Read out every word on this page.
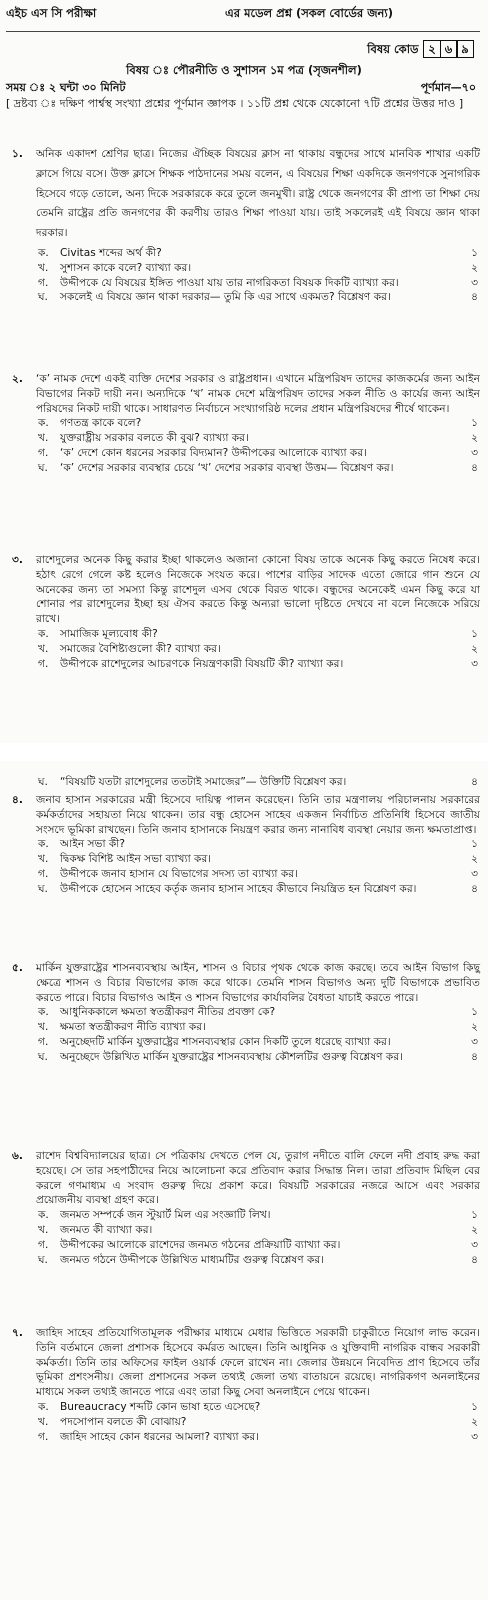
এইচ এস সি পরীক্ষা	এর মডেল প্রশ্ন (সকল বোর্ডের জন্য)
বিষয় কোড ২ ৬ ৯
বিষয় ঃ পৌরনীতি ও সুশাসন ১ম পত্র (সৃজনশীল)
সময় ঃ ২ ঘন্টা ৩০ মিনিট	পূর্ণমান—৭০
[ দ্রষ্টব্য ঃ দক্ষিণ পার্শ্বস্থ সংখ্যা প্রশ্নের পূর্ণমান জ্ঞাপক । ১১টি প্রশ্ন থেকে যেকোনো ৭টি প্রশ্নের উত্তর দাও ]
১. অনিক একাদশ শ্রেণির ছাত্র। নিজের ঐচ্ছিক বিষয়ের ক্লাস না থাকায় বন্ধুদের সাথে মানবিক শাখার একটি ক্লাসে গিয়ে বসে। উক্ত ক্লাসে শিক্ষক পাঠদানের সময় বলেন, এ বিষয়ের শিক্ষা একদিকে জনগণকে সুনাগরিক হিসেবে গড়ে তোলে, অন্য দিকে সরকারকে করে তুলে জনমুখী। রাষ্ট্র থেকে জনগণের কী প্রাপ্য তা শিক্ষা দেয় তেমনি রাষ্ট্রের প্রতি জনগণের কী করণীয় তারও শিক্ষা পাওয়া যায়। তাই সকলেরই এই বিষয়ে জ্ঞান থাকা দরকার।
ক. Civitas শব্দের অর্থ কী?	১
খ. সুশাসন কাকে বলে? ব্যাখ্যা কর।	২
গ. উদ্দীপকে যে বিষয়ের ইঙ্গিত পাওয়া যায় তার নাগরিকতা বিষয়ক দিকটি ব্যাখ্যা কর।	৩
ঘ. সকলেই এ বিষয়ে জ্ঞান থাকা দরকার— তুমি কি এর সাথে একমত? বিশ্লেষণ কর।	৪
২. ‘ক’ নামক দেশে একই ব্যক্তি দেশের সরকার ও রাষ্ট্রপ্রধান। এখানে মন্ত্রিপরিষদ তাদের কাজকর্মের জন্য আইন বিভাগের নিকট দায়ী নন। অন্যদিকে ‘খ’ নামক দেশে মন্ত্রিপরিষদ তাদের সকল নীতি ও কার্যের জন্য আইন পরিষদের নিকট দায়ী থাকে। সাধারণত নির্বাচনে সংখ্যাগরিষ্ঠ দলের প্রধান মন্ত্রিপরিষদের শীর্ষে থাকেন।
ক. গণতন্ত্র কাকে বলে?	১
খ. যুক্তরাষ্ট্রীয় সরকার বলতে কী বুঝ? ব্যাখ্যা কর।	২
গ. ‘ক’ দেশে কোন ধরনের সরকার বিদ্যমান? উদ্দীপকের আলোকে ব্যাখ্যা কর।	৩
ঘ. ‘ক’ দেশের সরকার ব্যবস্থার চেয়ে ‘খ’ দেশের সরকার ব্যবস্থা উত্তম— বিশ্লেষণ কর।	৪
৩. রাশেদুলের অনেক কিছু করার ইচ্ছা থাকলেও অজানা কোনো বিষয় তাকে অনেক কিছু করতে নিষেধ করে। হঠাৎ রেগে গেলে কষ্ট হলেও নিজেকে সংযত করে। পাশের বাড়ির সাদেক এতো জোরে গান শুনে যে অনেকের জন্য তা সমস্যা কিন্তু রাশেদুল এসব থেকে বিরত থাকে। বন্ধুদের অনেকেই এমন কিছু করে যা শোনার পর রাশেদুলের ইচ্ছা হয় ঐসব করতে কিন্তু অন্যরা ভালো দৃষ্টিতে দেখবে না বলে নিজেকে সরিয়ে রাখে।
ক. সামাজিক মূল্যবোধ কী?	১
খ. সমাজের বৈশিষ্ট্যগুলো কী? ব্যাখ্যা কর।	২
গ. উদ্দীপকে রাশেদুলের আচরণকে নিয়ন্ত্রণকারী বিষয়টি কী? ব্যাখ্যা কর।	৩
ঘ. “বিষয়টি যতটা রাশেদুলের ততটাই সমাজের”— উক্তিটি বিশ্লেষণ কর।	৪
৪. জনাব হাসান সরকারের মন্ত্রী হিসেবে দায়িত্ব পালন করেছেন। তিনি তার মন্ত্রণালয় পরিচালনায় সরকারের কর্মকর্তাদের সহায়তা নিয়ে থাকেন। তার বন্ধু হোসেন সাহেব একজন নির্বাচিত প্রতিনিধি হিসেবে জাতীয় সংসদে ভূমিকা রাখছেন। তিনি জনাব হাসানকে নিয়ন্ত্রণ করার জন্য নানাবিধ ব্যবস্থা নেয়ার জন্য ক্ষমতাপ্রাপ্ত।
ক. আইন সভা কী?	১
খ. দ্বিকক্ষ বিশিষ্ট আইন সভা ব্যাখ্যা কর।	২
গ. উদ্দীপকে জনাব হাসান যে বিভাগের সদস্য তা ব্যাখ্যা কর।	৩
ঘ. উদ্দীপকে হোসেন সাহেব কর্তৃক জনাব হাসান সাহেব কীভাবে নিয়ন্ত্রিত হন বিশ্লেষণ কর।	৪
৫. মার্কিন যুক্তরাষ্ট্রের শাসনব্যবস্থায় আইন, শাসন ও বিচার পৃথক থেকে কাজ করছে। তবে আইন বিভাগ কিছু ক্ষেত্রে শাসন ও বিচার বিভাগের কাজ করে থাকে। তেমনি শাসন বিভাগও অন্য দুটি বিভাগকে প্রভাবিত করতে পারে। বিচার বিভাগও আইন ও শাসন বিভাগের কার্যাবলির বৈধতা যাচাই করতে পারে।
ক. আধুনিককালে ক্ষমতা স্বতন্ত্রীকরণ নীতির প্রবক্তা কে?	১
খ. ক্ষমতা স্বতন্ত্রীকরণ নীতি ব্যাখ্যা কর।	২
গ. অনুচ্ছেদটি মার্কিন যুক্তরাষ্ট্রের শাসনব্যবস্থার কোন দিকটি তুলে ধরেছে ব্যাখ্যা কর।	৩
ঘ. অনুচ্ছেদে উল্লিখিত মার্কিন যুক্তরাষ্ট্রের শাসনব্যবস্থায় কৌশলটির গুরুত্ব বিশ্লেষণ কর।	৪
৬. রাশেদ বিশ্ববিদ্যালয়ের ছাত্র। সে পত্রিকায় দেখতে পেল যে, তুরাগ নদীতে বালি ফেলে নদী প্রবাহ রুদ্ধ করা হয়েছে। সে তার সহপাঠীদের নিয়ে আলোচনা করে প্রতিবাদ করার সিদ্ধান্ত নিল। তারা প্রতিবাদ মিছিল বের করলে গণমাধ্যম এ সংবাদ গুরুত্ব দিয়ে প্রকাশ করে। বিষয়টি সরকারের নজরে আসে এবং সরকার প্রয়োজনীয় ব্যবস্থা গ্রহণ করে।
ক. জনমত সম্পর্কে জন স্টুয়ার্ট মিল এর সংজ্ঞাটি লিখ।	১
খ. জনমত কী ব্যাখ্যা কর।	২
গ. উদ্দীপকের আলোকে রাশেদের জনমত গঠনের প্রক্রিয়াটি ব্যাখ্যা কর।	৩
ঘ. জনমত গঠনে উদ্দীপকে উল্লিখিত মাধ্যমটির গুরুত্ব বিশ্লেষণ কর।	৪
৭. জাহিদ সাহেব প্রতিযোগিতামূলক পরীক্ষার মাধ্যমে মেধার ভিত্তিতে সরকারী চাকুরীতে নিয়োগ লাভ করেন। তিনি বর্তমানে জেলা প্রশাসক হিসেবে কর্মরত আছেন। তিনি আধুনিক ও যুক্তিবাদী নাগরিক বান্ধব সরকারী কর্মকর্তা। তিনি তার অফিসের ফাইল ওয়ার্ক ফেলে রাখেন না। জেলার উন্নয়নে নিবেদিত প্রাণ হিসেবে তাঁর ভূমিকা প্রশংসনীয়। জেলা প্রশাসনের সকল তথ্যই জেলা তথ্য বাতায়নে রয়েছে। নাগরিকগণ অনলাইনের মাধ্যমে সকল তথ্যই জানতে পারে এবং তারা কিছু সেবা অনলাইনে পেয়ে থাকেন।
ক. Bureaucracy শব্দটি কোন ভাষা হতে এসেছে?	১
খ. পদসোপান বলতে কী বোঝায়?	২
গ. জাহিদ সাহেব কোন ধরনের আমলা? ব্যাখ্যা কর।	৩
